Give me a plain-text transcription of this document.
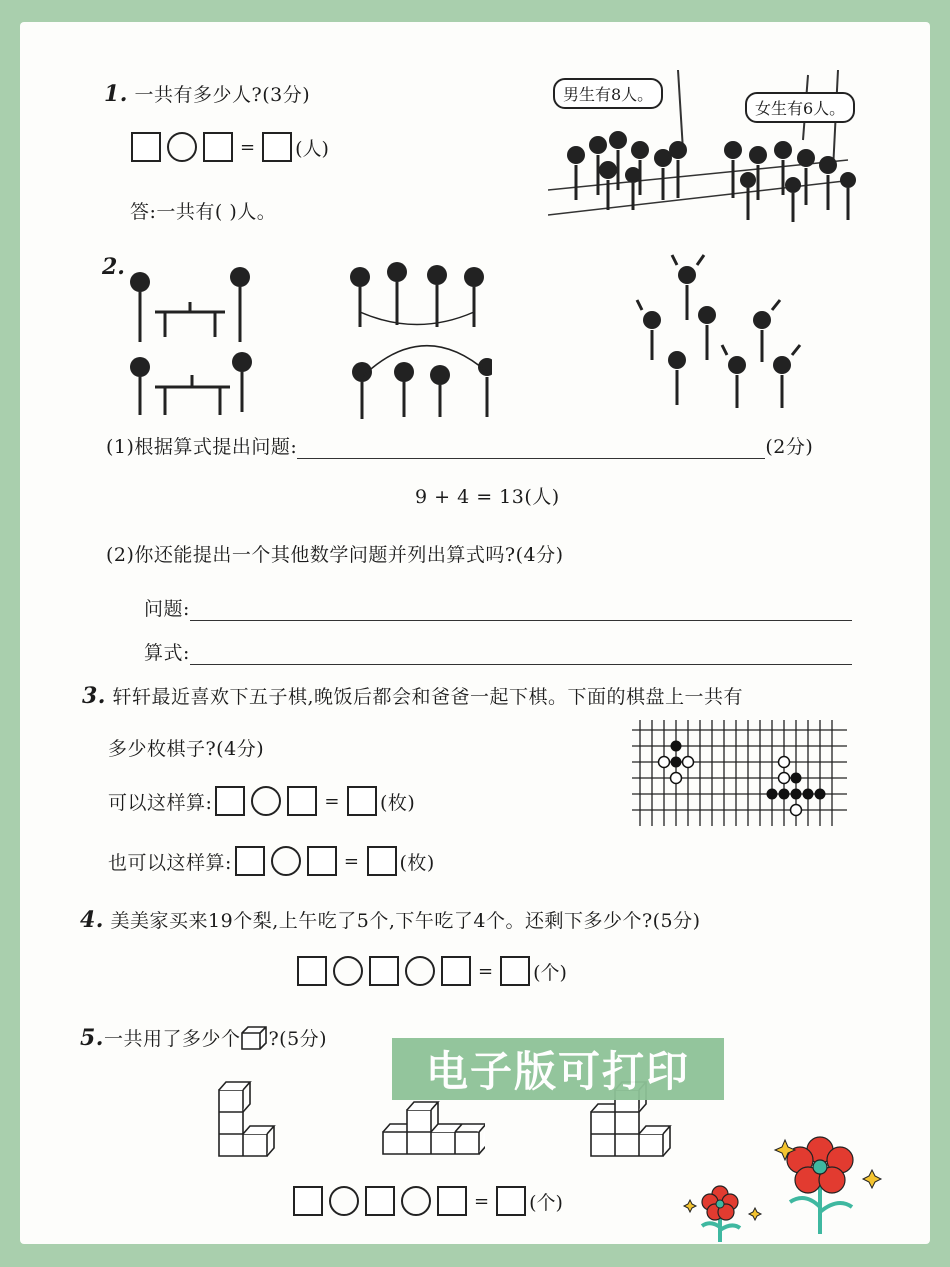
1. 一共有多少人?(3分)
= (人)
答:一共有( )人。
男生有8人。
女生有6人。
2.
(1)根据算式提出问题:	(2分)
9 + 4 = 13(人)
(2)你还能提出一个其他数学问题并列出算式吗?(4分)
问题:
算式:
3. 轩轩最近喜欢下五子棋,晚饭后都会和爸爸一起下棋。下面的棋盘上一共有
多少枚棋子?(4分)
可以这样算:	= (枚)
也可以这样算:	= (枚)
4. 美美家买来19个梨,上午吃了5个,下午吃了4个。还剩下多少个?(5分)
= (个)
5. 一共用了多少个 ?(5分)
= (个)
电子版可打印
